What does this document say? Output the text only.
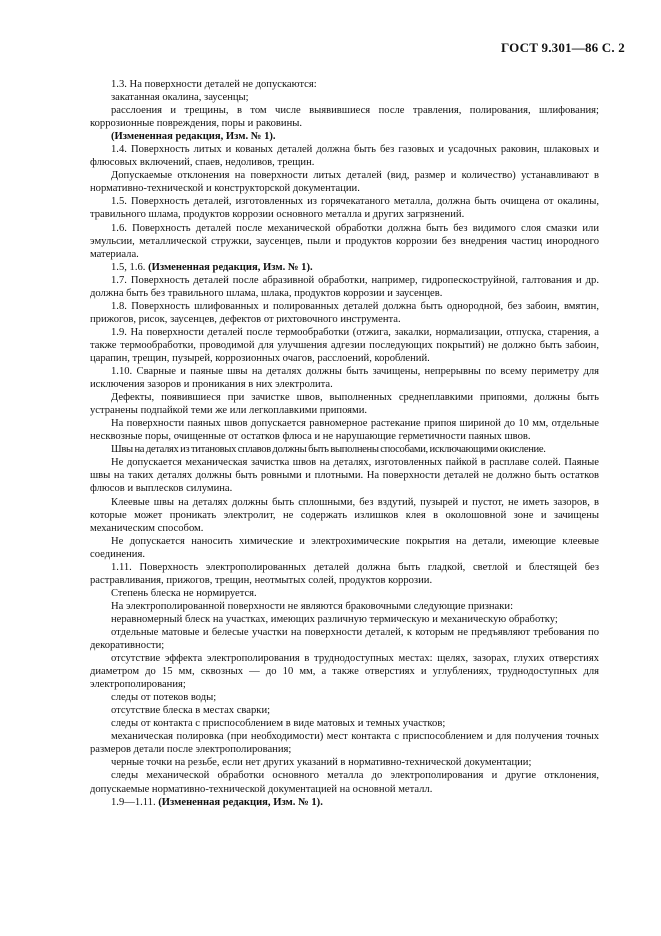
ГОСТ 9.301—86 С. 2

1.3. На поверхности деталей не допускаются:

закатанная окалина, заусенцы;

расслоения и трещины, в том числе выявившиеся после травления, полирования, шлифования; коррозионные повреждения, поры и раковины.

(Измененная редакция, Изм. № 1).

1.4. Поверхность литых и кованых деталей должна быть без газовых и усадочных раковин, шлаковых и флюсовых включений, спаев, недоливов, трещин.

Допускаемые отклонения на поверхности литых деталей (вид, размер и количество) устанавливают в нормативно-технической и конструкторской документации.

1.5. Поверхность деталей, изготовленных из горячекатаного металла, должна быть очищена от окалины, травильного шлама, продуктов коррозии основного металла и других загрязнений.

1.6. Поверхность деталей после механической обработки должна быть без видимого слоя смазки или эмульсии, металлической стружки, заусенцев, пыли и продуктов коррозии без внедрения частиц инородного материала.

1.5, 1.6. (Измененная редакция, Изм. № 1).

1.7. Поверхность деталей после абразивной обработки, например, гидропескоструйной, галтования и др. должна быть без травильного шлама, шлака, продуктов коррозии и заусенцев.

1.8. Поверхность шлифованных и полированных деталей должна быть однородной, без забоин, вмятин, прижогов, рисок, заусенцев, дефектов от рихтовочного инструмента.

1.9. На поверхности деталей после термообработки (отжига, закалки, нормализации, отпуска, старения, а также термообработки, проводимой для улучшения адгезии последующих покрытий) не должно быть забоин, царапин, трещин, пузырей, коррозионных очагов, расслоений, короблений.

1.10. Сварные и паяные швы на деталях должны быть зачищены, непрерывны по всему периметру для исключения зазоров и проникания в них электролита.

Дефекты, появившиеся при зачистке швов, выполненных среднеплавкими припоями, должны быть устранены подпайкой теми же или легкоплавкими припоями.

На поверхности паяных швов допускается равномерное растекание припоя шириной до 10 мм, отдельные несквозные поры, очищенные от остатков флюса и не нарушающие герметичности паяных швов.

Швы на деталях из титановых сплавов должны быть выполнены способами, исключающими окисление.

Не допускается механическая зачистка швов на деталях, изготовленных пайкой в расплаве солей. Паяные швы на таких деталях должны быть ровными и плотными. На поверхности деталей не должно быть остатков флюсов и выплесков силумина.

Клеевые швы на деталях должны быть сплошными, без вздутий, пузырей и пустот, не иметь зазоров, в которые может проникать электролит, не содержать излишков клея в околошовной зоне и зачищены механическим способом.

Не допускается наносить химические и электрохимические покрытия на детали, имеющие клеевые соединения.

1.11. Поверхность электрополированных деталей должна быть гладкой, светлой и блестящей без растравливания, прижогов, трещин, неотмытых солей, продуктов коррозии.

Степень блеска не нормируется.

На электрополированной поверхности не являются браковочными следующие признаки:

неравномерный блеск на участках, имеющих различную термическую и механическую обработку;

отдельные матовые и белесые участки на поверхности деталей, к которым не предъявляют требования по декоративности;

отсутствие эффекта электрополирования в труднодоступных местах: щелях, зазорах, глухих отверстиях диаметром до 15 мм, сквозных — до 10 мм, а также отверстиях и углублениях, труднодоступных для электрополирования;

следы от потеков воды;

отсутствие блеска в местах сварки;

следы от контакта с приспособлением в виде матовых и темных участков;

механическая полировка (при необходимости) мест контакта с приспособлением и для получения точных размеров детали после электрополирования;

черные точки на резьбе, если нет других указаний в нормативно-технической документации;

следы механической обработки основного металла до электрополирования и другие отклонения, допускаемые нормативно-технической документацией на основной металл.

1.9—1.11. (Измененная редакция, Изм. № 1).
